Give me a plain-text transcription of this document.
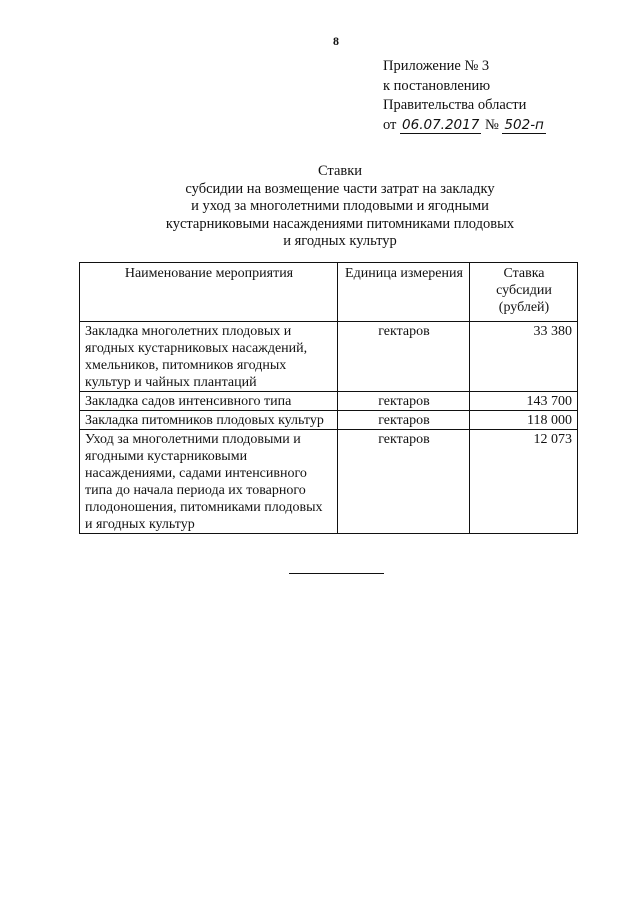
8
Приложение № 3
к постановлению
Правительства области
от 06.07.2017 № 502-п
Ставки
субсидии на возмещение части затрат на закладку
и уход за многолетними плодовыми и ягодными
кустарниковыми насаждениями питомниками плодовых
и ягодных культур
Наименование мероприятия	Единица измерения	Ставка субсидии (рублей)
Закладка многолетних плодовых и ягодных кустарниковых насаждений, хмельников, питомников ягодных культур и чайных плантаций	гектаров	33 380
Закладка садов интенсивного типа	гектаров	143 700
Закладка питомников плодовых культур	гектаров	118 000
Уход за многолетними плодовыми и ягодными кустарниковыми насаждениями, садами интенсивного типа до начала периода их товарного плодоношения, питомниками плодовых и ягодных культур	гектаров	12 073
